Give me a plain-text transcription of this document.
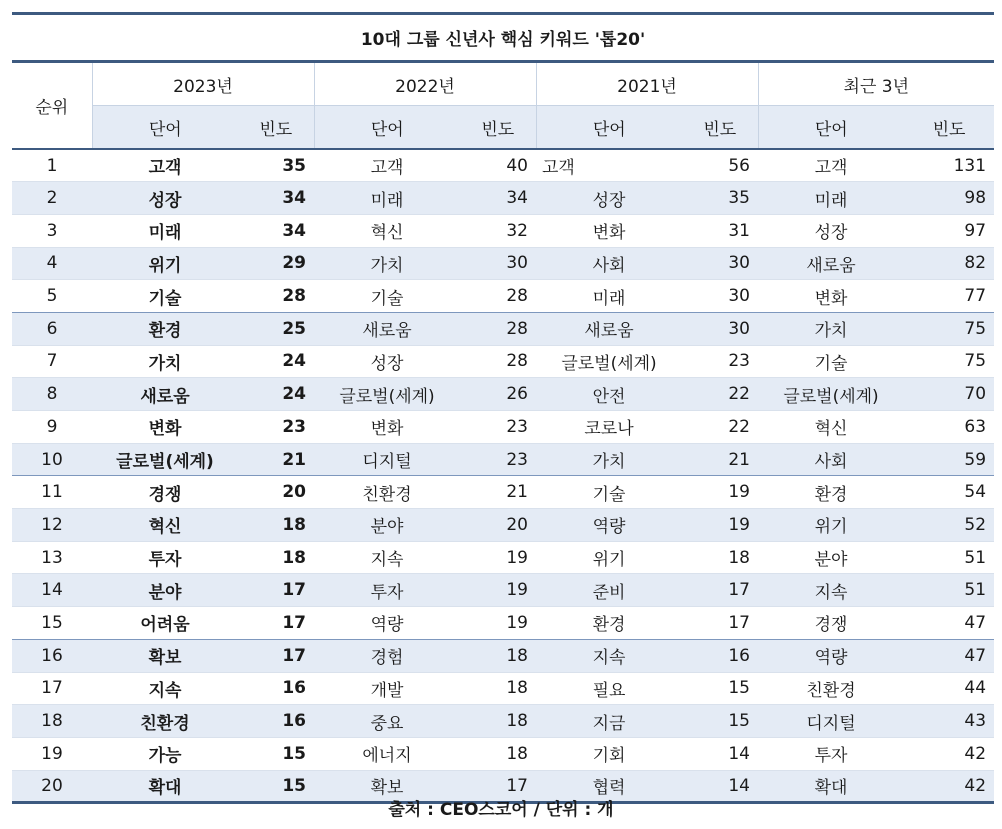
10대 그룹 신년사 핵심 키워드 '톱20'								
순위	2023년		2022년		2021년		최근 3년	
	단어	빈도	단어	빈도	단어	빈도	단어	빈도
1	고객	35	고객	40	고객	56	고객	131
2	성장	34	미래	34	성장	35	미래	98
3	미래	34	혁신	32	변화	31	성장	97
4	위기	29	가치	30	사회	30	새로움	82
5	기술	28	기술	28	미래	30	변화	77
6	환경	25	새로움	28	새로움	30	가치	75
7	가치	24	성장	28	글로벌(세계)	23	기술	75
8	새로움	24	글로벌(세계)	26	안전	22	글로벌(세계)	70
9	변화	23	변화	23	코로나	22	혁신	63
10	글로벌(세계)	21	디지털	23	가치	21	사회	59
11	경쟁	20	친환경	21	기술	19	환경	54
12	혁신	18	분야	20	역량	19	위기	52
13	투자	18	지속	19	위기	18	분야	51
14	분야	17	투자	19	준비	17	지속	51
15	어려움	17	역량	19	환경	17	경쟁	47
16	확보	17	경험	18	지속	16	역량	47
17	지속	16	개발	18	필요	15	친환경	44
18	친환경	16	중요	18	지금	15	디지털	43
19	가능	15	에너지	18	기회	14	투자	42
20	확대	15	확보	17	협력	14	확대	42
출처 : CEO스코어 / 단위 : 개
